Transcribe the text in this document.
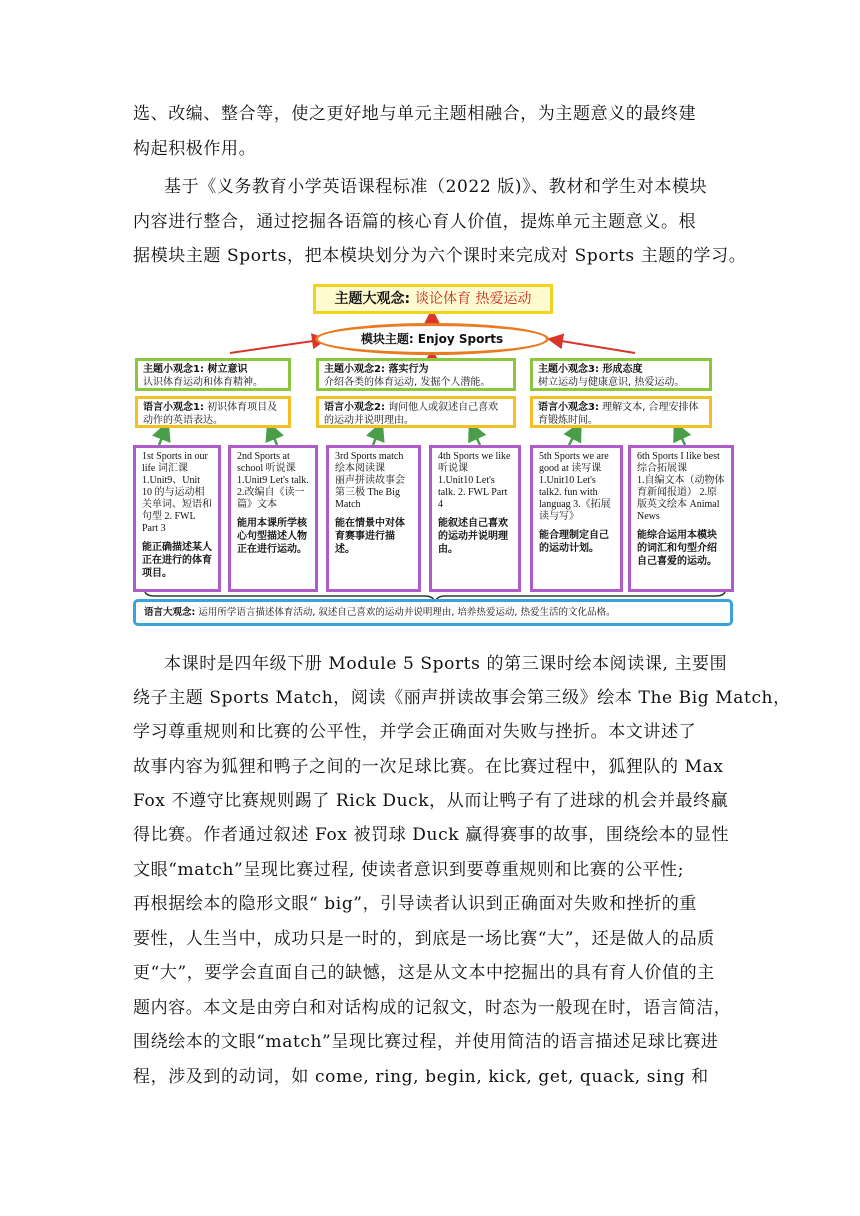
选、改编、整合等，使之更好地与单元主题相融合，为主题意义的最终建
构起积极作用。
基于《义务教育小学英语课程标准（2022 版)》、教材和学生对本模块
内容进行整合，通过挖掘各语篇的核心育人价值，提炼单元主题意义。根
据模块主题 Sports，把本模块划分为六个课时来完成对 Sports 主题的学习。
主题大观念: 谈论体育 热爱运动
模块主题: Enjoy Sports
主题小观念1: 树立意识
认识体育运动和体育精神。
主题小观念2: 落实行为
介绍各类的体育运动, 发掘个人潜能。
主题小观念3: 形成态度
树立运动与健康意识, 热爱运动。
语言小观念1: 初识体育项目及动作的英语表达。
语言小观念2: 询问他人或叙述自己喜欢的运动并说明理由。
语言小观念3: 理解文本, 合理安排体育锻炼时间。
1st Sports in our life 词汇课
1.Unit9、Unit 10 的与运动相关单词、短语和句型 2. FWL Part 3
能正确描述某人正在进行的体育项目。
2nd Sports at school 听说课
1.Unit9 Let's talk. 2.改编自《读一篇》文本
能用本课所学核心句型描述人物正在进行运动。
3rd Sports match 绘本阅读课
丽声拼读故事会第三极 The Big Match
能在情景中对体育赛事进行描述。
4th Sports we like 听说课
1.Unit10 Let's talk. 2. FWL Part 4
能叙述自己喜欢的运动并说明理由。
5th Sports we are good at 读写课
1.Unit10 Let's talk2. fun with languag 3.《拓展读与写》
能合理制定自己的运动计划。
6th Sports I like best 综合拓展课
1.自编文本（动物体育新闻报道） 2.原版英文绘本 Animal News
能综合运用本模块的词汇和句型介绍自己喜爱的运动。
语言大观念: 运用所学语言描述体育活动, 叙述自己喜欢的运动并说明理由, 培养热爱运动, 热爱生活的文化品格。
本课时是四年级下册 Module 5 Sports 的第三课时绘本阅读课, 主要围
绕子主题 Sports Match，阅读《丽声拼读故事会第三级》绘本 The Big Match，
学习尊重规则和比赛的公平性，并学会正确面对失败与挫折。本文讲述了
故事内容为狐狸和鸭子之间的一次足球比赛。在比赛过程中，狐狸队的 Max
Fox 不遵守比赛规则踢了 Rick Duck，从而让鸭子有了进球的机会并最终赢
得比赛。作者通过叙述 Fox 被罚球 Duck 赢得赛事的故事，围绕绘本的显性
文眼“match”呈现比赛过程, 使读者意识到要尊重规则和比赛的公平性;
再根据绘本的隐形文眼“ big”，引导读者认识到正确面对失败和挫折的重
要性，人生当中，成功只是一时的，到底是一场比赛“大”，还是做人的品质
更“大”，要学会直面自己的缺憾，这是从文本中挖掘出的具有育人价值的主
题内容。本文是由旁白和对话构成的记叙文，时态为一般现在时，语言简洁，
围绕绘本的文眼“match”呈现比赛过程，并使用简洁的语言描述足球比赛进
程，涉及到的动词，如 come, ring, begin, kick, get, quack, sing 和
